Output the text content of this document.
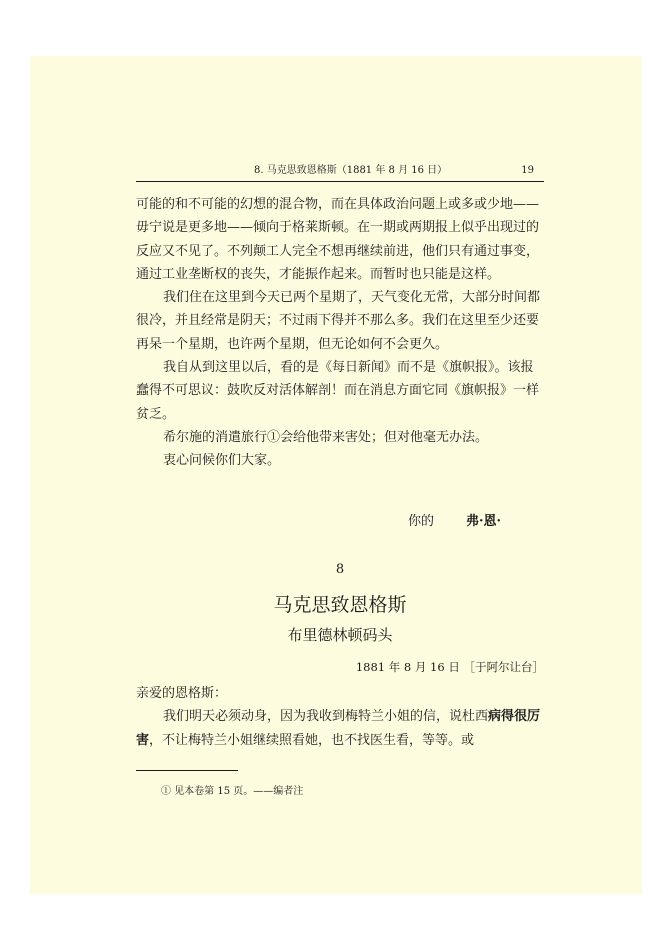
8. 马克思致恩格斯（1881 年 8 月 16 日）	19

可能的和不可能的幻想的混合物，而在具体政治问题上或多或少地——毋宁说是更多地——倾向于格莱斯顿。在一期或两期报上似乎出现过的反应又不见了。不列颠工人完全不想再继续前进，他们只有通过事变，通过工业垄断权的丧失，才能振作起来。而暂时也只能是这样。

我们住在这里到今天已两个星期了，天气变化无常，大部分时间都很冷，并且经常是阴天；不过雨下得并不那么多。我们在这里至少还要再呆一个星期，也许两个星期，但无论如何不会更久。

我自从到这里以后，看的是《每日新闻》而不是《旗帜报》。该报蠢得不可思议：鼓吹反对活体解剖！而在消息方面它同《旗帜报》一样贫乏。

希尔施的消遣旅行①会给他带来害处；但对他毫无办法。

衷心问候你们大家。

你的 弗·恩·
8
马克思致恩格斯
布里德林顿码头
1881 年 8 月 16 日 ［于阿尔让台］

亲爱的恩格斯：

我们明天必须动身，因为我收到梅特兰小姐的信，说杜西病得很厉害，不让梅特兰小姐继续照看她，也不找医生看，等等。或

① 见本卷第 15 页。——编者注
